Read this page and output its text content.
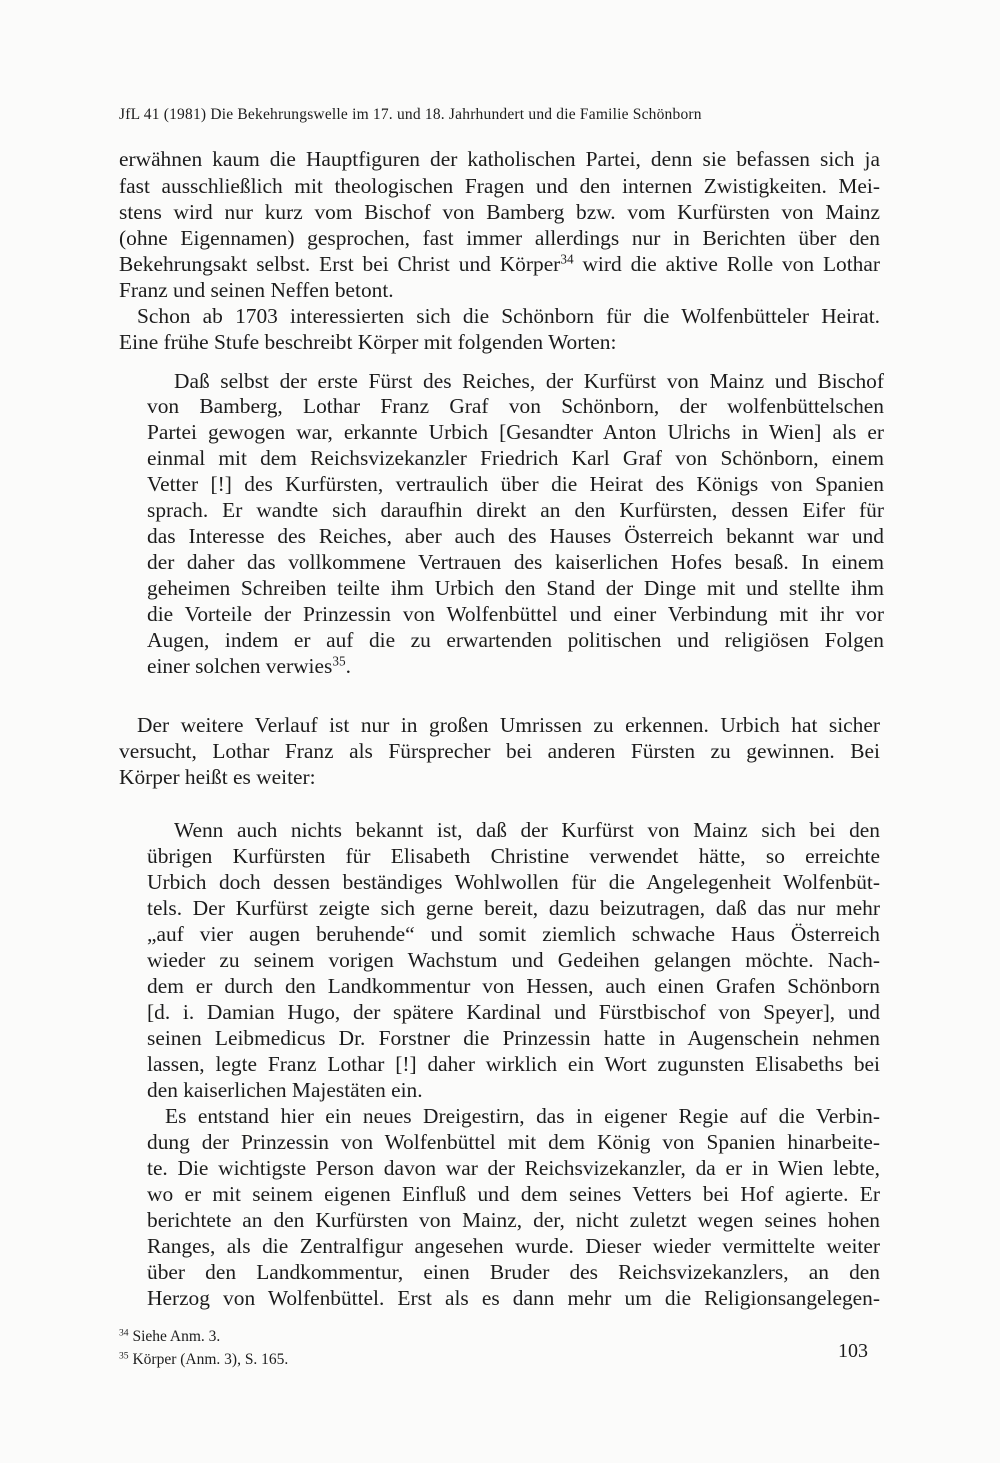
JfL 41 (1981) Die Bekehrungswelle im 17. und 18. Jahrhundert und die Familie Schönborn
erwähnen kaum die Hauptfiguren der katholischen Partei, denn sie befassen sich ja
fast ausschließlich mit theologischen Fragen und den internen Zwistigkeiten. Mei-
stens wird nur kurz vom Bischof von Bamberg bzw. vom Kurfürsten von Mainz
(ohne Eigennamen) gesprochen, fast immer allerdings nur in Berichten über den
Bekehrungsakt selbst. Erst bei Christ und Körper$^{34}$ wird die aktive Rolle von Lothar
Franz und seinen Neffen betont.
Schon ab 1703 interessierten sich die Schönborn für die Wolfenbütteler Heirat.
Eine frühe Stufe beschreibt Körper mit folgenden Worten:
Daß selbst der erste Fürst des Reiches, der Kurfürst von Mainz und Bischof
von Bamberg, Lothar Franz Graf von Schönborn, der wolfenbüttelschen
Partei gewogen war, erkannte Urbich [Gesandter Anton Ulrichs in Wien] als er
einmal mit dem Reichsvizekanzler Friedrich Karl Graf von Schönborn, einem
Vetter [!] des Kurfürsten, vertraulich über die Heirat des Königs von Spanien
sprach. Er wandte sich daraufhin direkt an den Kurfürsten, dessen Eifer für
das Interesse des Reiches, aber auch des Hauses Österreich bekannt war und
der daher das vollkommene Vertrauen des kaiserlichen Hofes besaß. In einem
geheimen Schreiben teilte ihm Urbich den Stand der Dinge mit und stellte ihm
die Vorteile der Prinzessin von Wolfenbüttel und einer Verbindung mit ihr vor
Augen, indem er auf die zu erwartenden politischen und religiösen Folgen
einer solchen verwies$^{35}$.
Der weitere Verlauf ist nur in großen Umrissen zu erkennen. Urbich hat sicher
versucht, Lothar Franz als Fürsprecher bei anderen Fürsten zu gewinnen. Bei
Körper heißt es weiter:
Wenn auch nichts bekannt ist, daß der Kurfürst von Mainz sich bei den
übrigen Kurfürsten für Elisabeth Christine verwendet hätte, so erreichte
Urbich doch dessen beständiges Wohlwollen für die Angelegenheit Wolfenbüt-
tels. Der Kurfürst zeigte sich gerne bereit, dazu beizutragen, daß das nur mehr
„auf vier augen beruhende“ und somit ziemlich schwache Haus Österreich
wieder zu seinem vorigen Wachstum und Gedeihen gelangen möchte. Nach-
dem er durch den Landkommentur von Hessen, auch einen Grafen Schönborn
[d. i. Damian Hugo, der spätere Kardinal und Fürstbischof von Speyer], und
seinen Leibmedicus Dr. Forstner die Prinzessin hatte in Augenschein nehmen
lassen, legte Franz Lothar [!] daher wirklich ein Wort zugunsten Elisabeths bei
den kaiserlichen Majestäten ein.
Es entstand hier ein neues Dreigestirn, das in eigener Regie auf die Verbin-
dung der Prinzessin von Wolfenbüttel mit dem König von Spanien hinarbeite-
te. Die wichtigste Person davon war der Reichsvizekanzler, da er in Wien lebte,
wo er mit seinem eigenen Einfluß und dem seines Vetters bei Hof agierte. Er
berichtete an den Kurfürsten von Mainz, der, nicht zuletzt wegen seines hohen
Ranges, als die Zentralfigur angesehen wurde. Dieser wieder vermittelte weiter
über den Landkommentur, einen Bruder des Reichsvizekanzlers, an den
Herzog von Wolfenbüttel. Erst als es dann mehr um die Religionsangelegen-
$^{34}$ Siehe Anm. 3.
$^{35}$ Körper (Anm. 3), S. 165.	103
